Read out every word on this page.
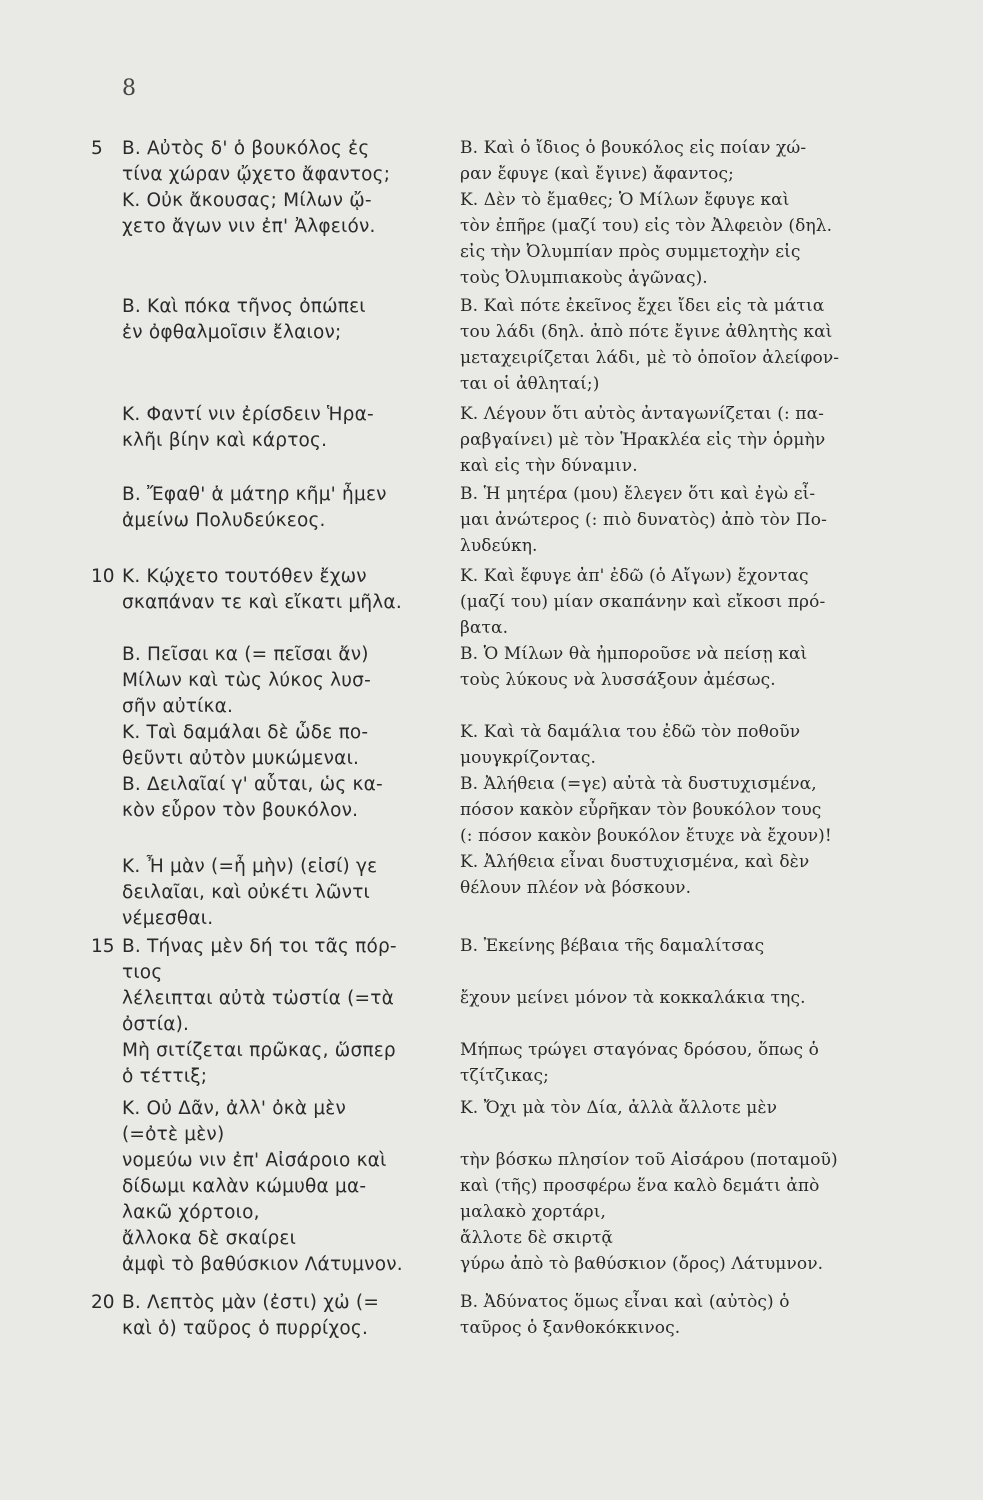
8
5
10
15
20
Β. Αὐτὸς δ' ὁ βουκόλος ἐς
τίνα χώραν ᾤχετο ἄφαντος;
Κ. Οὐκ ἄκουσας; Μίλων ᾤ-
χετο ἄγων νιν ἐπ' Ἀλφειόν.
Β. Καὶ πόκα τῆνος ὀπώπει
ἐν ὀφθαλμοῖσιν ἔλαιον;
Κ. Φαντί νιν ἐρίσδειν Ἡρα-
κλῆι βίην καὶ κάρτος.
Β. Ἔφαθ' ἁ μάτηρ κῆμ' ἦμεν
ἀμείνω Πολυδεύκεος.
Κ. Κῴχετο τουτόθεν ἔχων
σκαπάναν τε καὶ εἴκατι μῆλα.
Β. Πεῖσαι κα (= πεῖσαι ἄν)
Μίλων καὶ τὼς λύκος λυσ-
σῆν αὐτίκα.
Κ. Ταὶ δαμάλαι δὲ ὧδε πο-
θεῦντι αὐτὸν μυκώμεναι.
Β. Δειλαῖαί γ' αὗται, ὡς κα-
κὸν εὗρον τὸν βουκόλον.
Κ. Ἦ μὰν (=ἦ μὴν) (εἰσί) γε
δειλαῖαι, καὶ οὐκέτι λῶντι
νέμεσθαι.
Β. Τήνας μὲν δή τοι τᾶς πόρ-
τιος
λέλειπται αὐτὰ τὠστία (=τὰ
ὀστία).
Μὴ σιτίζεται πρῶκας, ὥσπερ
ὁ τέττιξ;
Κ. Οὐ Δᾶν, ἀλλ' ὀκὰ μὲν
(=ὀτὲ μὲν)
νομεύω νιν ἐπ' Αἰσάροιο καὶ
δίδωμι καλὰν κώμυθα μα-
λακῶ χόρτοιο,
ἄλλοκα δὲ σκαίρει
ἀμφὶ τὸ βαθύσκιον Λάτυμνον.
Β. Λεπτὸς μὰν (ἐστι) χὠ (=
καὶ ὁ) ταῦρος ὁ πυρρίχος.
Β. Καὶ ὁ ἴδιος ὁ βουκόλος εἰς ποίαν χώ-
ραν ἔφυγε (καὶ ἔγινε) ἄφαντος;
Κ. Δὲν τὸ ἔμαθες; Ὁ Μίλων ἔφυγε καὶ
τὸν ἐπῆρε (μαζί του) εἰς τὸν Ἀλφειὸν (δηλ.
εἰς τὴν Ὀλυμπίαν πρὸς συμμετοχὴν εἰς
τοὺς Ὀλυμπιακοὺς ἀγῶνας).
Β. Καὶ πότε ἐκεῖνος ἔχει ἴδει εἰς τὰ μάτια
του λάδι (δηλ. ἀπὸ πότε ἔγινε ἀθλητὴς καὶ
μεταχειρίζεται λάδι, μὲ τὸ ὁποῖον ἀλείφον-
ται οἱ ἀθληταί;)
Κ. Λέγουν ὅτι αὐτὸς ἀνταγωνίζεται (: πα-
ραβγαίνει) μὲ τὸν Ἡρακλέα εἰς τὴν ὁρμὴν
καὶ εἰς τὴν δύναμιν.
Β. Ἡ μητέρα (μου) ἔλεγεν ὅτι καὶ ἐγὼ εἶ-
μαι ἀνώτερος (: πιὸ δυνατὸς) ἀπὸ τὸν Πο-
λυδεύκη.
Κ. Καὶ ἔφυγε ἀπ' ἐδῶ (ὁ Αἴγων) ἔχοντας
(μαζί του) μίαν σκαπάνην καὶ εἴκοσι πρό-
βατα.
Β. Ὁ Μίλων θὰ ἠμποροῦσε νὰ πείσῃ καὶ
τοὺς λύκους νὰ λυσσάξουν ἀμέσως.
Κ. Καὶ τὰ δαμάλια του ἐδῶ τὸν ποθοῦν
μουγκρίζοντας.
Β. Ἀλήθεια (=γε) αὐτὰ τὰ δυστυχισμένα,
πόσον κακὸν εὗρῆκαν τὸν βουκόλον τους
(: πόσον κακὸν βουκόλον ἔτυχε νὰ ἔχουν)!
Κ. Ἀλήθεια εἶναι δυστυχισμένα, καὶ δὲν
θέλουν πλέον νὰ βόσκουν.
Β. Ἐκείνης βέβαια τῆς δαμαλίτσας
ἔχουν μείνει μόνον τὰ κοκκαλάκια της.
Μήπως τρώγει σταγόνας δρόσου, ὅπως ὁ
τζίτζικας;
Κ. Ὄχι μὰ τὸν Δία, ἀλλὰ ἄλλοτε μὲν
τὴν βόσκω πλησίον τοῦ Αἰσάρου (ποταμοῦ)
καὶ (τῆς) προσφέρω ἕνα καλὸ δεμάτι ἀπὸ
μαλακὸ χορτάρι,
ἄλλοτε δὲ σκιρτᾷ
γύρω ἀπὸ τὸ βαθύσκιον (ὄρος) Λάτυμνον.
Β. Ἀδύνατος ὅμως εἶναι καὶ (αὐτὸς) ὁ
ταῦρος ὁ ξανθοκόκκινος.
